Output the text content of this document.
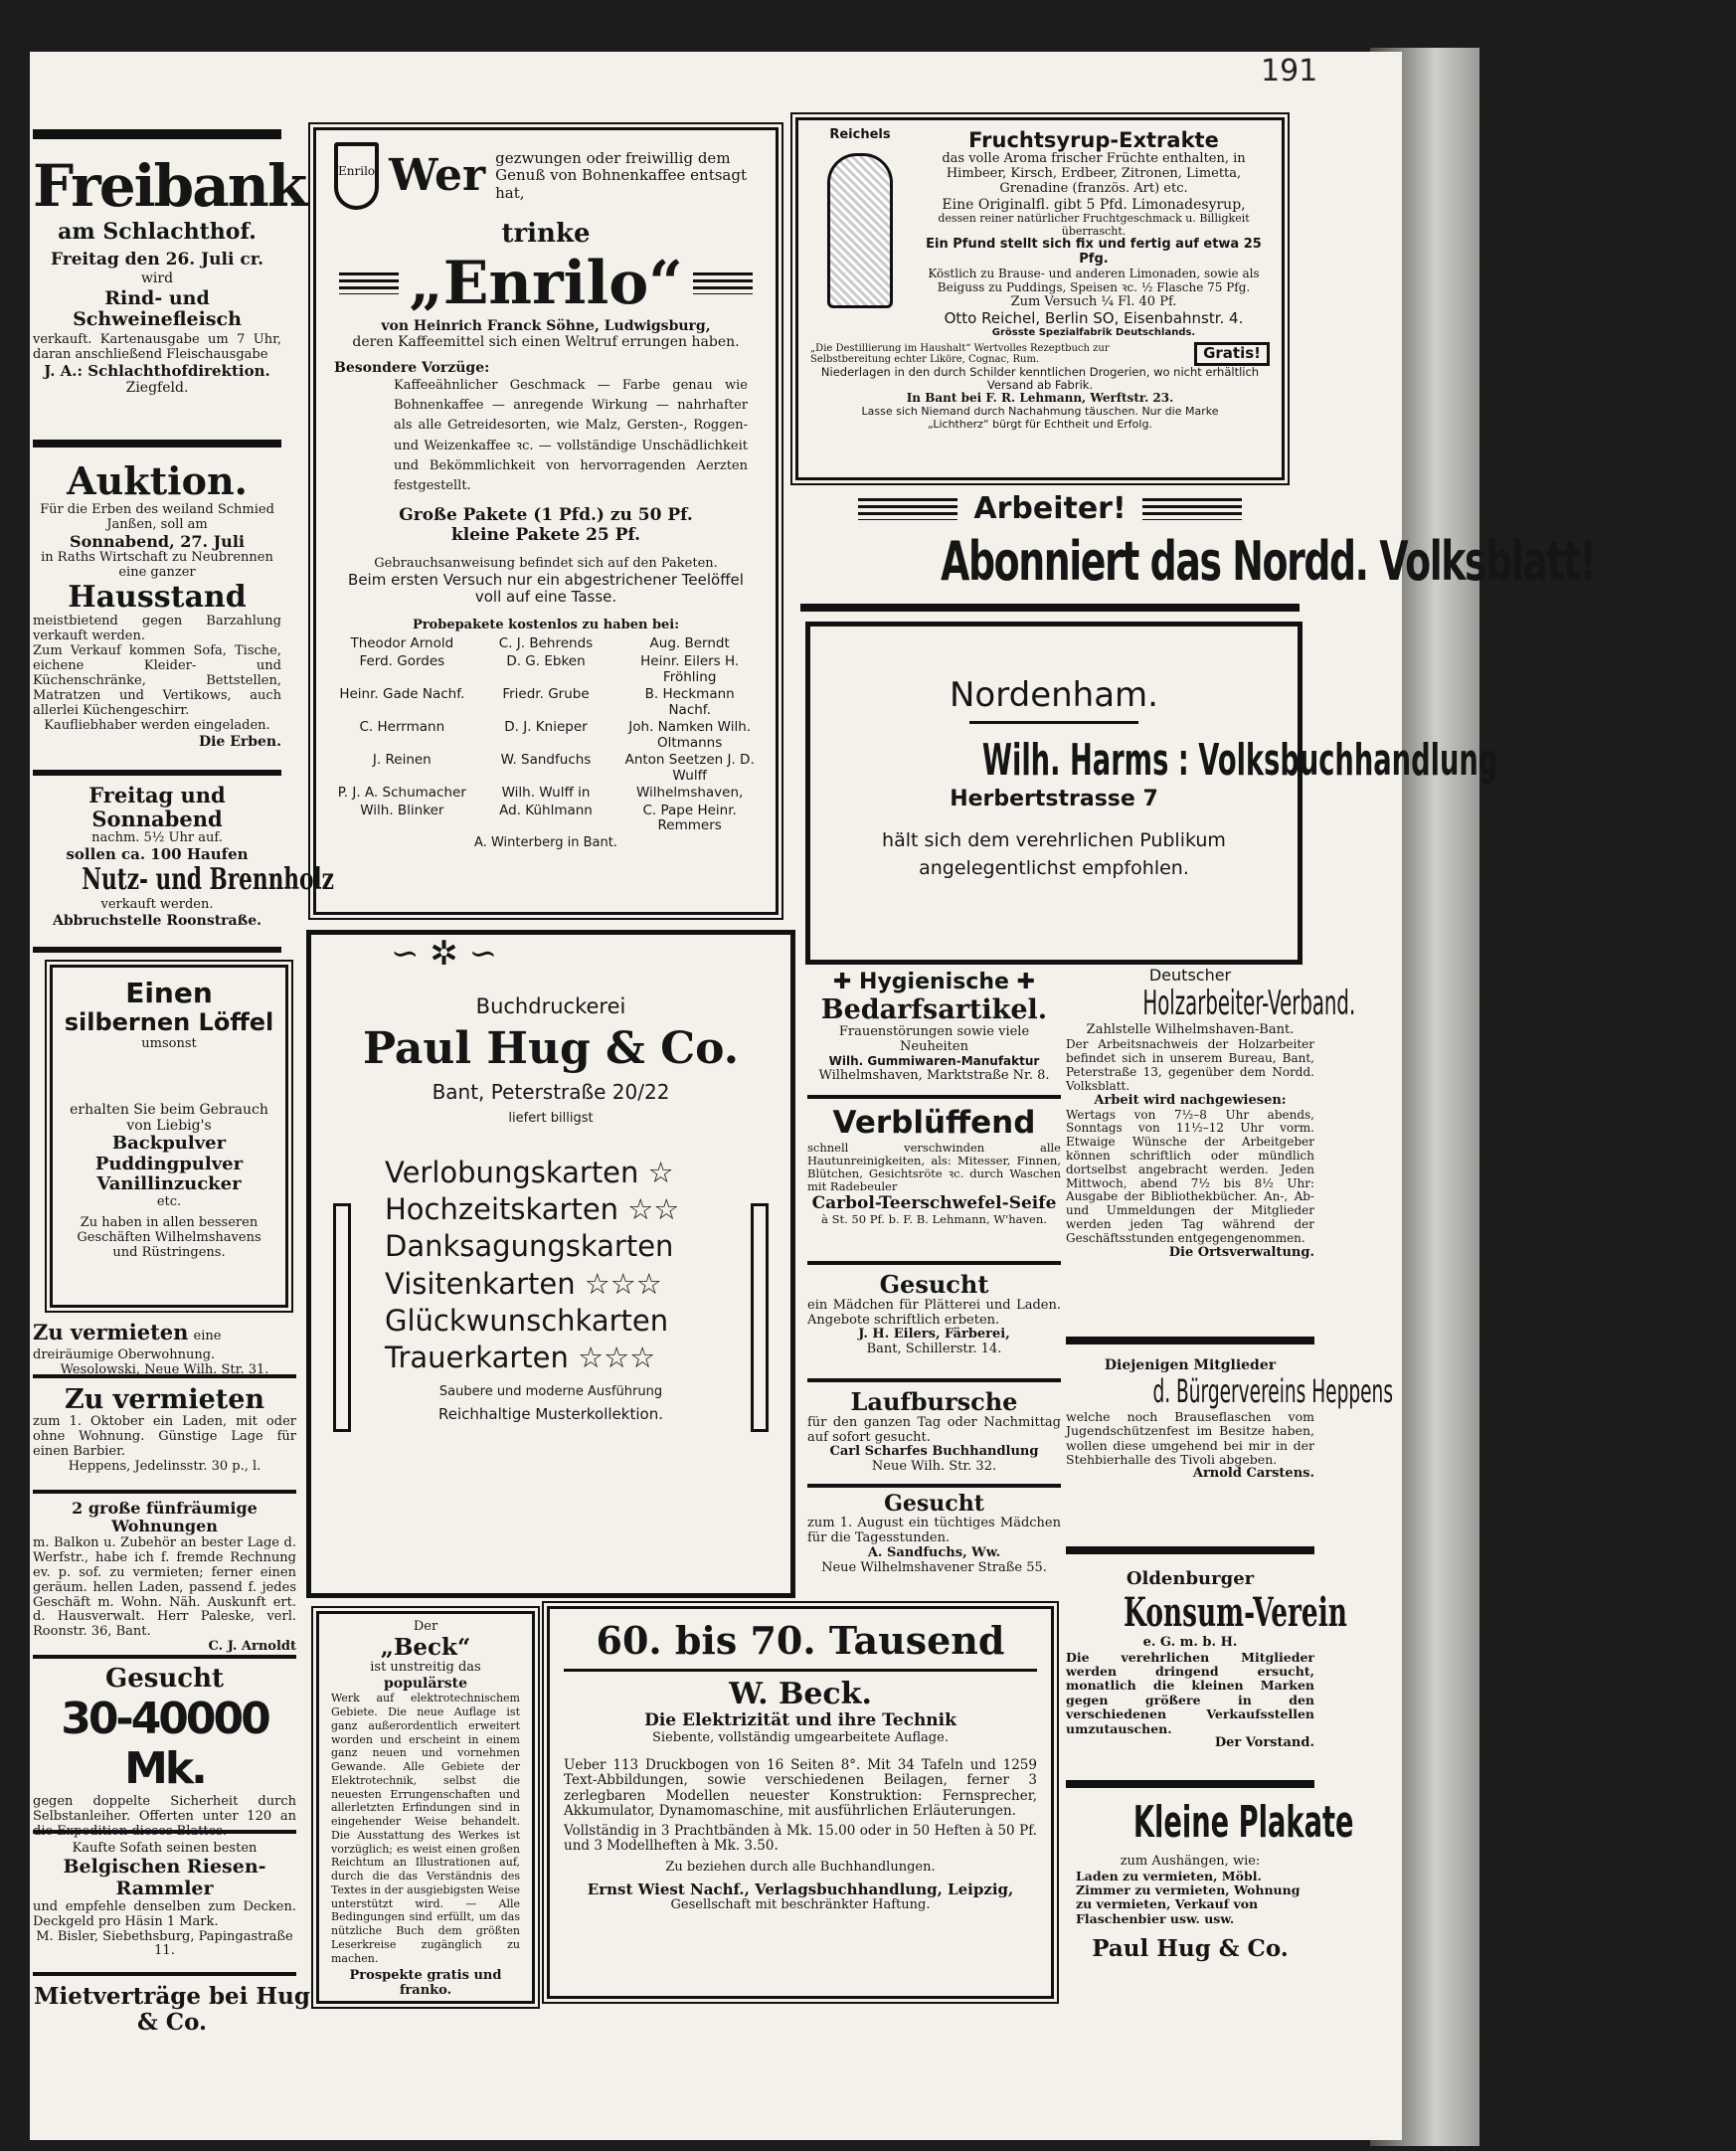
191
Freibank
am Schlachthof.
Freitag den 26. Juli cr.
wird
Rind- und Schweinefleisch
verkauft. Kartenausgabe um 7 Uhr, daran anschließend Fleischausgabe
J. A.: Schlachthofdirektion.
Ziegfeld.
Auktion.
Für die Erben des weiland Schmied Janßen, soll am
Sonnabend, 27. Juli
in Raths Wirtschaft zu Neubrennen eine ganzer
Hausstand
meistbietend gegen Barzahlung verkauft werden.
Zum Verkauf kommen Sofa, Tische, eichene Kleider- und Küchenschränke, Bettstellen, Matratzen und Vertikows, auch allerlei Küchengeschirr.
Kaufliebhaber werden eingeladen.
Die Erben.
Freitag und Sonnabend
nachm. 5½ Uhr auf.
sollen ca. 100 Haufen
Nutz- und Brennholz
verkauft werden.
Abbruchstelle Roonstraße.
Einen
silbernen Löffel
umsonst
erhalten Sie beim Gebrauch von Liebig's
Backpulver
Puddingpulver
Vanillinzucker
etc.
Zu haben in allen besseren Geschäften Wilhelmshavens und Rüstringens.
Zu vermieten eine dreiräumige Oberwohnung.
Wesolowski, Neue Wilh. Str. 31.
Zu vermieten
zum 1. Oktober ein Laden, mit oder ohne Wohnung. Günstige Lage für einen Barbier.
Heppens, Jedelinsstr. 30 p., l.
2 große fünfräumige Wohnungen
m. Balkon u. Zubehör an bester Lage d. Werfstr., habe ich f. fremde Rechnung ev. p. sof. zu vermieten; ferner einen geräum. hellen Laden, passend f. jedes Geschäft m. Wohn. Näh. Auskunft ert. d. Hausverwalt. Herr Paleske, verl. Roonstr. 36, Bant.
C. J. Arnoldt
Gesucht
30-40000 Mk.
gegen doppelte Sicherheit durch Selbstanleiher. Offerten unter 120 an die Expedition dieses Blattes.
Kaufte Sofath seinen besten
Belgischen Riesen-Rammler
und empfehle denselben zum Decken. Deckgeld pro Häsin 1 Mark.
M. Bisler, Siebethsburg, Papingastraße 11.
Mietverträge bei Hug & Co.
Enrilo Wer gezwungen oder freiwillig dem Genuß von Bohnenkaffee entsagt hat,
trinke
„Enrilo“
von Heinrich Franck Söhne, Ludwigsburg,
deren Kaffeemittel sich einen Weltruf errungen haben.
Besondere Vorzüge:
Kaffeeähnlicher Geschmack — Farbe genau wie Bohnenkaffee — anregende Wirkung — nahrhafter als alle Getreidesorten, wie Malz, Gersten-, Roggen- und Weizenkaffee ꝛc. — vollständige Unschädlichkeit und Bekömmlichkeit von hervorragenden Aerzten festgestellt.
Große Pakete (1 Pfd.) zu 50 Pf.
kleine Pakete 25 Pf.
Gebrauchsanweisung befindet sich auf den Paketen.
Beim ersten Versuch nur ein abgestrichener Teelöffel voll auf eine Tasse.
Probepakete kostenlos zu haben bei:
Theodor Arnold	C. J. Behrends	Aug. Berndt
Ferd. Gordes	D. G. Ebken	Heinr. Eilers H. Fröhling
Heinr. Gade Nachf.	Friedr. Grube	B. Heckmann Nachf.
C. Herrmann	D. J. Knieper	Joh. Namken Wilh. Oltmanns
J. Reinen	W. Sandfuchs	Anton Seetzen J. D. Wulff
P. J. A. Schumacher	Wilh. Wulff in	Wilhelmshaven,
Wilh. Blinker	Ad. Kühlmann	C. Pape Heinr. Remmers
A. Winterberg in Bant.
∽ ✲ ∽
Buchdruckerei
Paul Hug & Co.
Bant, Peterstraße 20/22
liefert billigst
Verlobungskarten ☆
Hochzeitskarten ☆☆
Danksagungskarten
Visitenkarten ☆☆☆
Glückwunschkarten
Trauerkarten ☆☆☆
Saubere und moderne Ausführung
Reichhaltige Musterkollektion.
Der
„Beck“
ist unstreitig das
populärste
Werk auf elektrotechnischem Gebiete. Die neue Auflage ist ganz außerordentlich erweitert worden und erscheint in einem ganz neuen und vornehmen Gewande. Alle Gebiete der Elektrotechnik, selbst die neuesten Errungenschaften und allerletzten Erfindungen sind in eingehender Weise behandelt. Die Ausstattung des Werkes ist vorzüglich; es weist einen großen Reichtum an Illustrationen auf, durch die das Verständnis des Textes in der ausgiebigsten Weise unterstützt wird. — Alle Bedingungen sind erfüllt, um das nützliche Buch dem größten Leserkreise zugänglich zu machen.
Prospekte gratis und franko.
60. bis 70. Tausend
W. Beck.
Die Elektrizität und ihre Technik
Siebente, vollständig umgearbeitete Auflage.
Ueber 113 Druckbogen von 16 Seiten 8°. Mit 34 Tafeln und 1259 Text-Abbildungen, sowie verschiedenen Beilagen, ferner 3 zerlegbaren Modellen neuester Konstruktion: Fernsprecher, Akkumulator, Dynamomaschine, mit ausführlichen Erläuterungen.
Vollständig in 3 Prachtbänden à Mk. 15.00 oder in 50 Heften à 50 Pf. und 3 Modellheften à Mk. 3.50.
Zu beziehen durch alle Buchhandlungen.
Ernst Wiest Nachf., Verlagsbuchhandlung, Leipzig,
Gesellschaft mit beschränkter Haftung.
Reichels	Fruchtsyrup-Extrakte
das volle Aroma frischer Früchte enthalten, in Himbeer, Kirsch, Erdbeer, Zitronen, Limetta, Grenadine (französ. Art) etc.
Eine Originalfl. gibt 5 Pfd. Limonadesyrup,
dessen reiner natürlicher Fruchtgeschmack u. Billigkeit überrascht.
Ein Pfund stellt sich fix und fertig auf etwa 25 Pfg.
Köstlich zu Brause- und anderen Limonaden, sowie als Beiguss zu Puddings, Speisen ꝛc. ½ Flasche 75 Pfg.
Zum Versuch ¼ Fl. 40 Pf.
Otto Reichel, Berlin SO, Eisenbahnstr. 4.
Grösste Spezialfabrik Deutschlands.
„Die Destillierung im Haushalt“ Wertvolles Rezeptbuch zur Selbstbereitung echter Liköre, Cognac, Rum.	Gratis!
Niederlagen in den durch Schilder kenntlichen Drogerien, wo nicht erhältlich Versand ab Fabrik.
In Bant bei F. R. Lehmann, Werftstr. 23.
Lasse sich Niemand durch Nachahmung täuschen. Nur die Marke
„Lichtherz“ bürgt für Echtheit und Erfolg.
Arbeiter!
Abonniert das Nordd. Volksblatt!
Nordenham.
Wilh. Harms : Volksbuchhandlung
Herbertstrasse 7
hält sich dem verehrlichen Publikum angelegentlichst empfohlen.
✚ Hygienische ✚
Bedarfsartikel.
Frauenstörungen sowie viele Neuheiten
Wilh. Gummiwaren-Manufaktur
Wilhelmshaven, Marktstraße Nr. 8.
Verblüffend
schnell verschwinden alle Hautunreinigkeiten, als: Mitesser, Finnen, Blütchen, Gesichtsröte ꝛc. durch Waschen mit Radebeuler
Carbol-Teerschwefel-Seife
à St. 50 Pf. b. F. B. Lehmann, W'haven.
Gesucht
ein Mädchen für Plätterei und Laden. Angebote schriftlich erbeten.
J. H. Eilers, Färberei,
Bant, Schillerstr. 14.
Laufbursche
für den ganzen Tag oder Nachmittag auf sofort gesucht.
Carl Scharfes Buchhandlung
Neue Wilh. Str. 32.
Gesucht
zum 1. August ein tüchtiges Mädchen für die Tagesstunden.
A. Sandfuchs, Ww.
Neue Wilhelmshavener Straße 55.
Deutscher
Holzarbeiter-Verband.
Zahlstelle Wilhelmshaven-Bant.
Der Arbeitsnachweis der Holzarbeiter befindet sich in unserem Bureau, Bant, Peterstraße 13, gegenüber dem Nordd. Volksblatt.
Arbeit wird nachgewiesen:
Wertags von 7½–8 Uhr abends, Sonntags von 11½–12 Uhr vorm. Etwaige Wünsche der Arbeitgeber können schriftlich oder mündlich dortselbst angebracht werden. Jeden Mittwoch, abend 7½ bis 8½ Uhr: Ausgabe der Bibliothekbücher. An-, Ab- und Ummeldungen der Mitglieder werden jeden Tag während der Geschäftsstunden entgegengenommen.
Die Ortsverwaltung.
Diejenigen Mitglieder
d. Bürgervereins Heppens
welche noch Brauseflaschen vom Jugendschützenfest im Besitze haben, wollen diese umgehend bei mir in der Stehbierhalle des Tivoli abgeben.
Arnold Carstens.
Oldenburger
Konsum-Verein
e. G. m. b. H.
Die verehrlichen Mitglieder werden dringend ersucht, monatlich die kleinen Marken gegen größere in den verschiedenen Verkaufsstellen umzutauschen.
Der Vorstand.
Kleine Plakate
zum Aushängen, wie:
Laden zu vermieten, Möbl. Zimmer zu vermieten, Wohnung zu vermieten, Verkauf von Flaschenbier usw. usw.
Paul Hug & Co.
